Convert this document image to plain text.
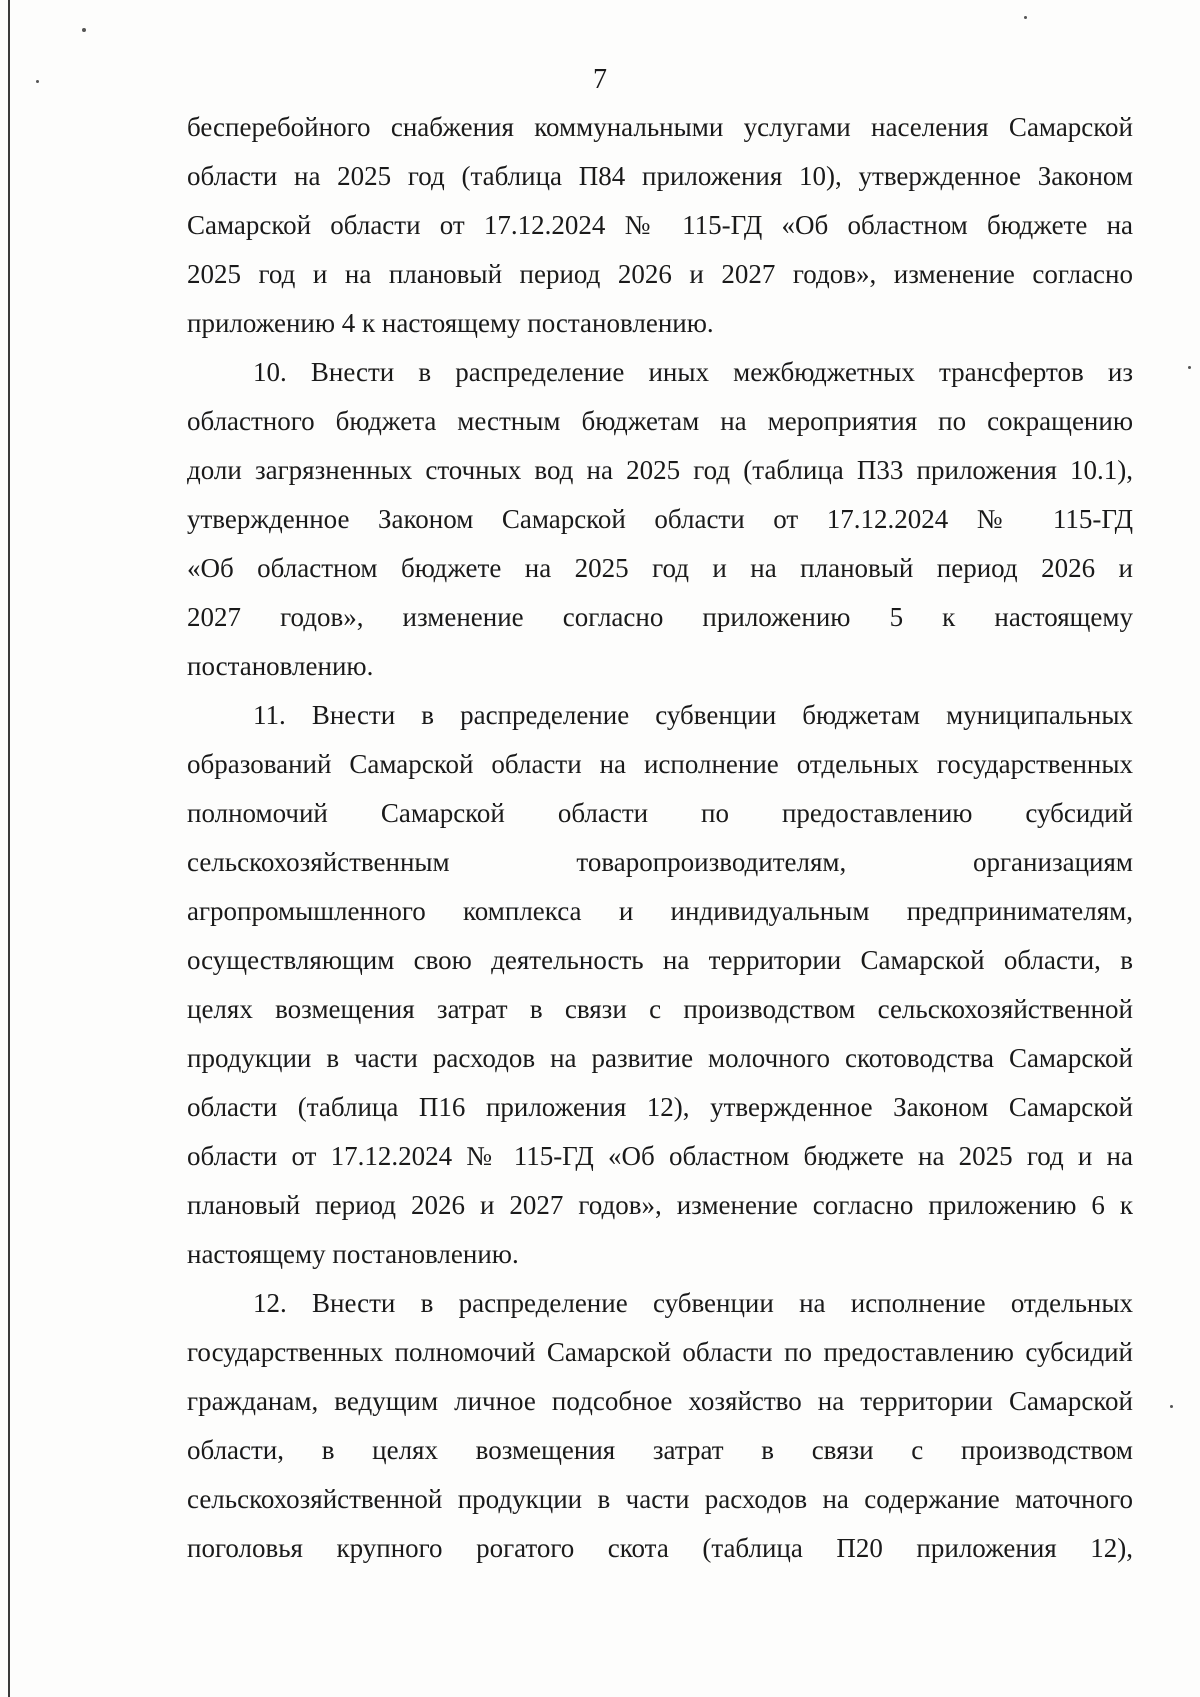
7
бесперебойного снабжения коммунальными услугами населения Самарской
области на 2025 год (таблица П84 приложения 10), утвержденное Законом
Самарской области от 17.12.2024 № 115-ГД «Об областном бюджете на
2025 год и на плановый период 2026 и 2027 годов», изменение согласно
приложению 4 к настоящему постановлению.
10. Внести в распределение иных межбюджетных трансфертов из
областного бюджета местным бюджетам на мероприятия по сокращению
доли загрязненных сточных вод на 2025 год (таблица П33 приложения 10.1),
утвержденное Законом Самарской области от 17.12.2024 № 115-ГД
«Об областном бюджете на 2025 год и на плановый период 2026 и
2027 годов», изменение согласно приложению 5 к настоящему
постановлению.
11. Внести в распределение субвенции бюджетам муниципальных
образований Самарской области на исполнение отдельных государственных
полномочий Самарской области по предоставлению субсидий
сельскохозяйственным товаропроизводителям, организациям
агропромышленного комплекса и индивидуальным предпринимателям,
осуществляющим свою деятельность на территории Самарской области, в
целях возмещения затрат в связи с производством сельскохозяйственной
продукции в части расходов на развитие молочного скотоводства Самарской
области (таблица П16 приложения 12), утвержденное Законом Самарской
области от 17.12.2024 № 115-ГД «Об областном бюджете на 2025 год и на
плановый период 2026 и 2027 годов», изменение согласно приложению 6 к
настоящему постановлению.
12. Внести в распределение субвенции на исполнение отдельных
государственных полномочий Самарской области по предоставлению субсидий
гражданам, ведущим личное подсобное хозяйство на территории Самарской
области, в целях возмещения затрат в связи с производством
сельскохозяйственной продукции в части расходов на содержание маточного
поголовья крупного рогатого скота (таблица П20 приложения 12),
